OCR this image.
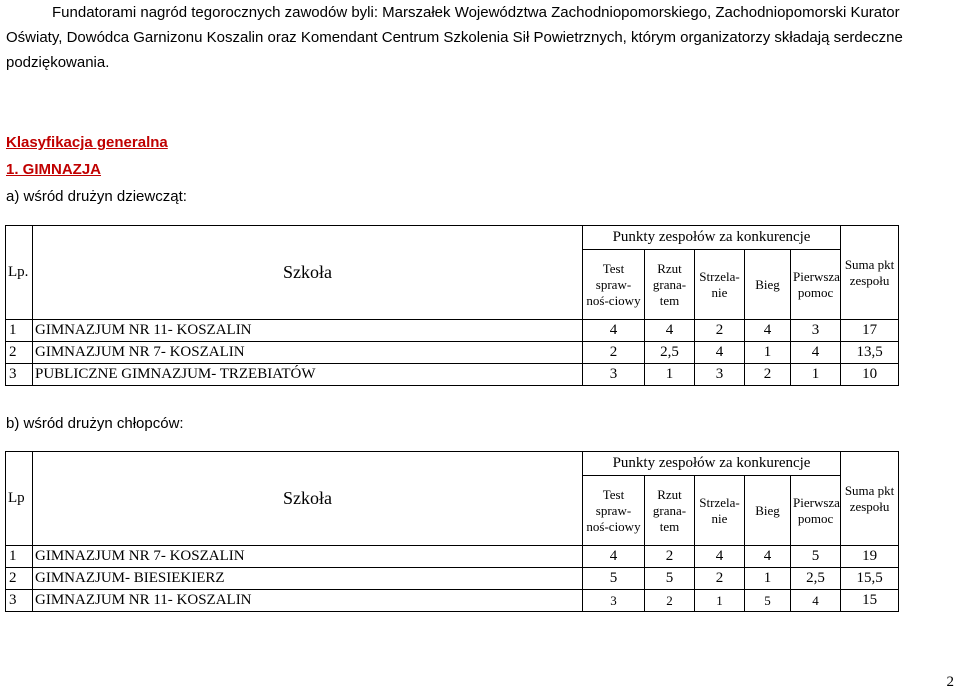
Fundatorami nagród tegorocznych zawodów byli: Marszałek Województwa Zachodniopomorskiego, Zachodniopomorski Kurator Oświaty, Dowódca Garnizonu Koszalin oraz Komendant Centrum Szkolenia Sił Powietrznych, którym organizatorzy składają serdeczne podziękowania.

Klasyfikacja generalna
1. GIMNAZJA
a) wśród drużyn dziewcząt:
Lp.	Szkoła	Punkty zespołów za konkurencje					Suma pkt zespołu
		Test spraw-noś-ciowy	Rzut grana-tem	Strzela-nie	Bieg	Pierwsza pomoc	
1	GIMNAZJUM NR 11- KOSZALIN	4	4	2	4	3	17
2	GIMNAZJUM NR 7- KOSZALIN	2	2,5	4	1	4	13,5
3	PUBLICZNE GIMNAZJUM- TRZEBIATÓW	3	1	3	2	1	10
b) wśród drużyn chłopców:
Lp	Szkoła	Punkty zespołów za konkurencje					Suma pkt zespołu
		Test spraw-noś-ciowy	Rzut grana-tem	Strzela-nie	Bieg	Pierwsza pomoc	
1	GIMNAZJUM NR 7- KOSZALIN	4	2	4	4	5	19
2	GIMNAZJUM- BIESIEKIERZ	5	5	2	1	2,5	15,5
3	GIMNAZJUM NR 11- KOSZALIN	3	2	1	5	4	15
2
